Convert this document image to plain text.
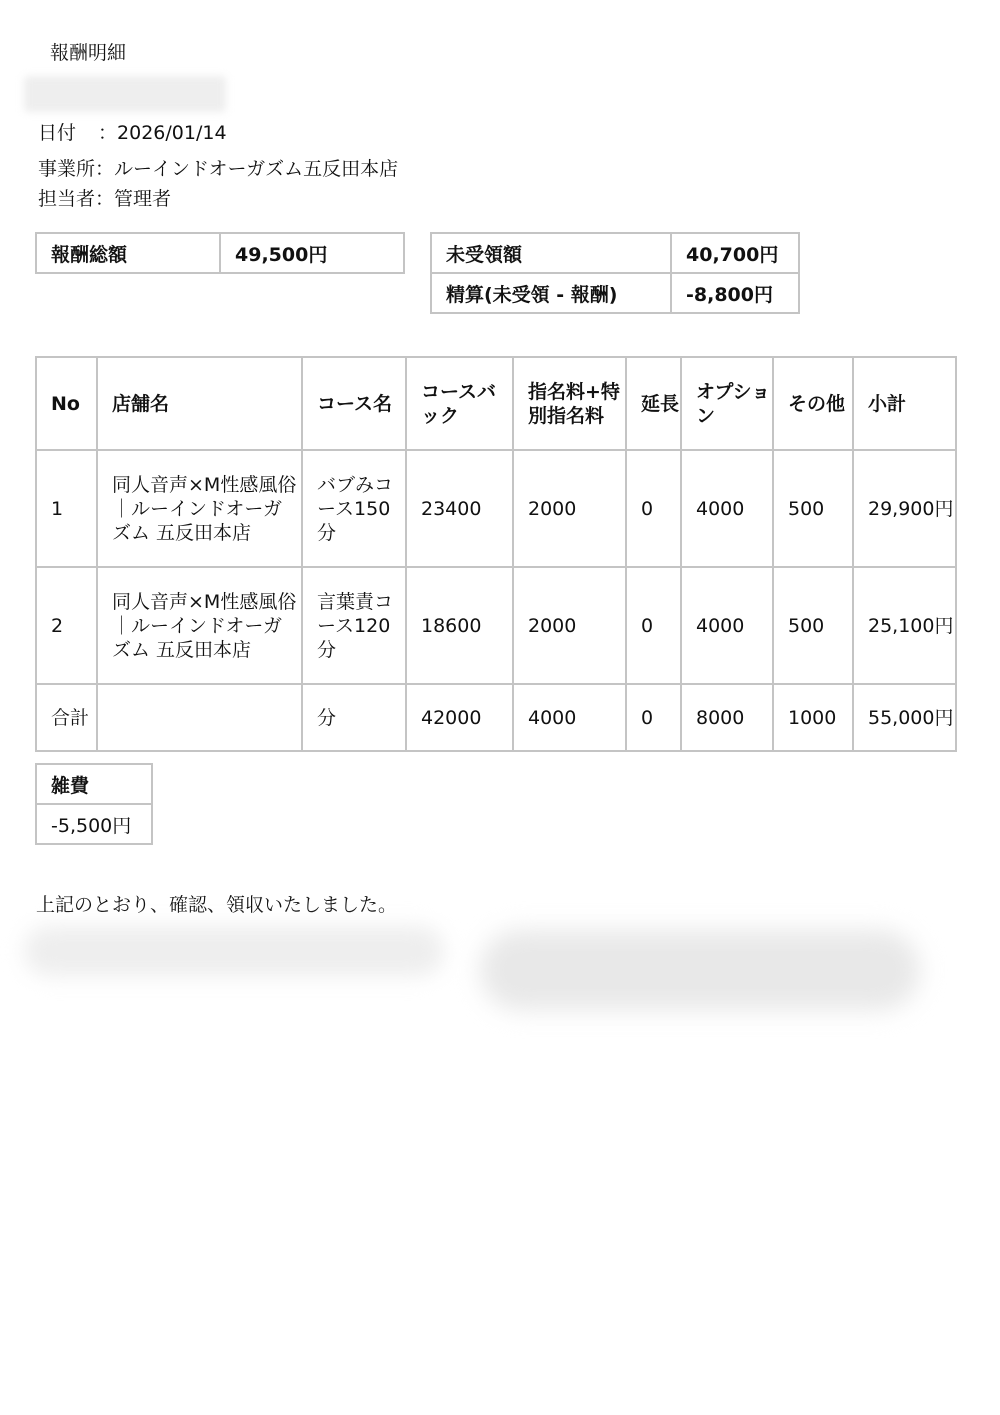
報酬明細
日付 ：2026/01/14
事業所：ルーインドオーガズム五反田本店
担当者：管理者
報酬総額	49,500円	未受領額	40,700円
精算(未受領 - 報酬)	-8,800円
No	店舗名	コース名	コースバック	指名料+特別指名料	延長	オプション	その他	小計
1	同人音声×M性感風俗｜ルーインドオーガズム 五反田本店	バブみコース150分	23400	2000	0	4000	500	29,900円
2	同人音声×M性感風俗｜ルーインドオーガズム 五反田本店	言葉責コース120分	18600	2000	0	4000	500	25,100円
合計		分	42000	4000	0	8000	1000	55,000円
雑費
-5,500円
上記のとおり、確認、領収いたしました。
